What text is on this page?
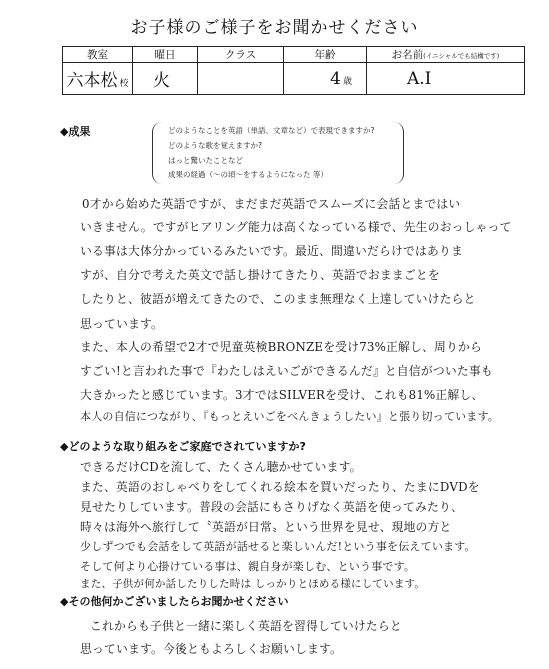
お子様のご様子をお聞かせください
教室	曜日	クラス	年齢	お名前(イニシャルでも結構です)

六本松 校	火		4 歳	A.I
◆成果	どのようなことを英語（単語、文章など）で表現できますか?
どのような歌を覚えますか?
はっと驚いたことなど
成果の経過（～の頃～をするようになった 等）
0才から始めた英語ですが、まだまだ英語でスムーズに会話とまではい
いきません。ですがヒアリング能力は高くなっている様で、先生のおっしゃって
いる事は大体分かっているみたいです。最近、間違いだらけではありま
すが、自分で考えた英文で話し掛けてきたり、英語でおままごとを
したりと、彼語が増えてきたので、このまま無理なく上達していけたらと
思っています。
また、本人の希望で2才で児童英検BRONZEを受け73%正解し、周りから
すごい!と言われた事で『わたしはえいごができるんだ』と自信がついた事も
大きかったと感じています。3才ではSILVERを受け、これも81%正解し、
本人の自信につながり、『もっとえいごをべんきょうしたい』と張り切っています。
◆どのような取り組みをご家庭でされていますか?
できるだけCDを流して、たくさん聴かせています。
また、英語のおしゃべりをしてくれる絵本を買いだったり、たまにDVDを
見せたりしています。普段の会話にもさりげなく英語を使ってみたり、
時々は海外へ旅行して〝英語が日常〟という世界を見せ、現地の方と
少しずつでも会話をして英語が話せると楽しいんだ!という事を伝えています。
そして何より心掛けている事は、親自身が楽しむ、という事です。
また、子供が何か話したりした時は しっかりとほめる様にしています。
◆その他何かございましたらお聞かせください
これからも子供と一緒に楽しく英語を習得していけたらと
思っています。今後ともよろしくお願いします。
